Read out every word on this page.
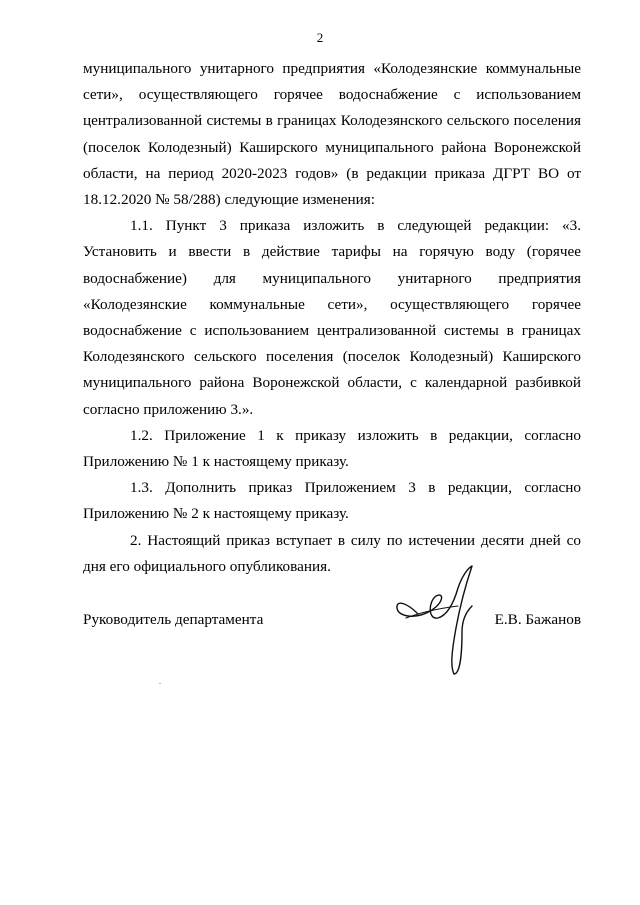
2

муниципального унитарного предприятия «Колодезянские коммунальные сети», осуществляющего горячее водоснабжение с использованием централизованной системы в границах Колодезянского сельского поселения (поселок Колодезный) Каширского муниципального района Воронежской области, на период 2020-2023 годов» (в редакции приказа ДГРТ ВО от 18.12.2020 № 58/288) следующие изменения:

1.1. Пункт 3 приказа изложить в следующей редакции: «3. Установить и ввести в действие тарифы на горячую воду (горячее водоснабжение) для муниципального унитарного предприятия «Колодезянские коммунальные сети», осуществляющего горячее водоснабжение с использованием централизованной системы в границах Колодезянского сельского поселения (поселок Колодезный) Каширского муниципального района Воронежской области, с календарной разбивкой согласно приложению 3.».

1.2. Приложение 1 к приказу изложить в редакции, согласно Приложению № 1 к настоящему приказу.

1.3. Дополнить приказ Приложением 3 в редакции, согласно Приложению № 2 к настоящему приказу.

2. Настоящий приказ вступает в силу по истечении десяти дней со дня его официального опубликования.

Руководитель департамента	Е.В. Бажанов
